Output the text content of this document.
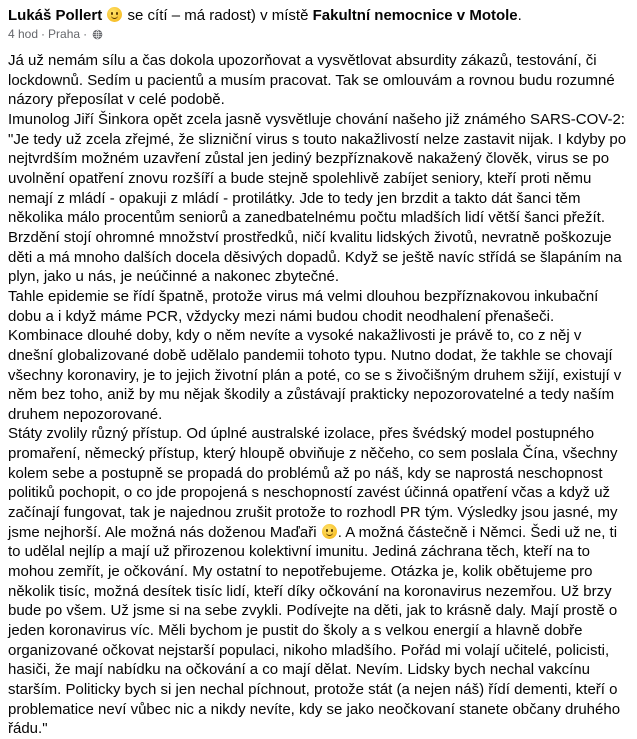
Lukáš Pollert se cítí – má radost) v místě Fakultní nemocnice v Motole.
4 hod · Praha ·

Já už nemám sílu a čas dokola upozorňovat a vysvětlovat absurdity zákazů, testování, či lockdownů. Sedím u pacientů a musím pracovat. Tak se omlouvám a rovnou budu rozumné názory přeposílat v celé podobě.

Imunolog Jiří Šinkora opět zcela jasně vysvětluje chování našeho již známého SARS-COV-2:

"Je tedy už zcela zřejmé, že slizniční virus s touto nakažlivostí nelze zastavit nijak. I kdyby po nejtvrdším možném uzavření zůstal jen jediný bezpříznakově nakažený člověk, virus se po uvolnění opatření znovu rozšíří a bude stejně spolehlivě zabíjet seniory, kteří proti němu nemají z mládí - opakuji z mládí - protilátky. Jde to tedy jen brzdit a takto dát šanci těm několika málo procentům seniorů a zanedbatelnému počtu mladších lidí větší šanci přežít. Brzdění stojí ohromné množství prostředků, ničí kvalitu lidských životů, nevratně poškozuje děti a má mnoho dalších docela děsivých dopadů. Když se ještě navíc střídá se šlapáním na plyn, jako u nás, je neúčinné a nakonec zbytečné.

Tahle epidemie se řídí špatně, protože virus má velmi dlouhou bezpříznakovou inkubační dobu a i když máme PCR, vždycky mezi námi budou chodit neodhalení přenašeči. Kombinace dlouhé doby, kdy o něm nevíte a vysoké nakažlivosti je právě to, co z něj v dnešní globalizované době udělalo pandemii tohoto typu. Nutno dodat, že takhle se chovají všechny koronaviry, je to jejich životní plán a poté, co se s živočišným druhem sžijí, existují v něm bez toho, aniž by mu nějak škodily a zůstávají prakticky nepozorovatelné a tedy naším druhem nepozorované.

Státy zvolily různý přístup. Od úplné australské izolace, přes švédský model postupného promaření, německý přístup, který hloupě obviňuje z něčeho, co sem poslala Čína, všechny kolem sebe a postupně se propadá do problémů až po náš, kdy se naprostá neschopnost politiků pochopit, o co jde propojená s neschopností zavést účinná opatření včas a když už začínají fungovat, tak je najednou zrušit protože to rozhodl PR tým. Výsledky jsou jasné, my jsme nejhorší. Ale možná nás doženou Maďaři . A možná částečně i Němci. Šedi už ne, ti to udělal nejlíp a mají už přirozenou kolektivní imunitu. Jediná záchrana těch, kteří na to mohou zemřít, je očkování. My ostatní to nepotřebujeme. Otázka je, kolik obětujeme pro několik tisíc, možná desítek tisíc lidí, kteří díky očkování na koronavirus nezemřou. Už brzy bude po všem. Už jsme si na sebe zvykli. Podívejte na děti, jak to krásně daly. Mají prostě o jeden koronavirus víc. Měli bychom je pustit do školy a s velkou energií a hlavně dobře organizované očkovat nejstarší populaci, nikoho mladšího. Pořád mi volají učitelé, policisti, hasiči, že mají nabídku na očkování a co mají dělat. Nevím. Lidsky bych nechal vakcínu starším. Politicky bych si jen nechal píchnout, protože stát (a nejen náš) řídí dementi, kteří o problematice neví vůbec nic a nikdy nevíte, kdy se jako neočkovaní stanete občany druhého řádu."
